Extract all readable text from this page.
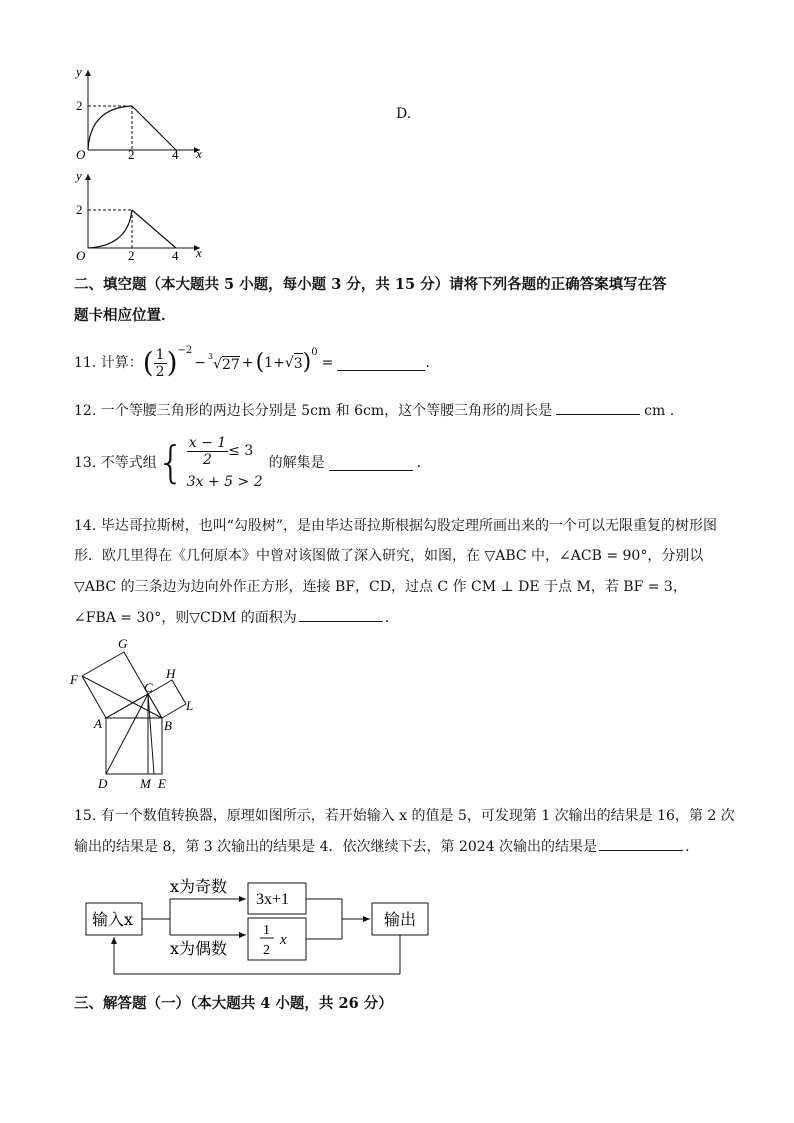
y
x
O
2
2	4
D.
y
x
O
2
2	4
二、填空题（本大题共 5 小题，每小题 3 分，共 15 分）请将下列各题的正确答案填写在答
题卡相应位置．
11. 计算： ( $\frac{1}{2}$ ) −2
− $^3$√27 + ( 1+ √ 3 ) 0
=	.
12. 一个等腰三角形的两边长分别是 5cm 和 6cm，这个等腰三角形的周长是	cm .
13. 不等式组 { $\frac{x - 1}{2} \le 3$
3x + 5 > 2
的解集是	.
14. 毕达哥拉斯树，也叫“勾股树”，是由毕达哥拉斯根据勾股定理所画出来的一个可以无限重复的树形图
形．欧几里得在《几何原本》中曾对该图做了深入研究，如图，在 ▽ABC 中，∠ACB = 90°，分别以
▽ABC 的三条边为边向外作正方形，连接 BF，CD，过点 C 作 CM ⊥ DE 于点 M，若 BF = 3，
∠FBA = 30°，则▽CDM 的面积为	.
G
H
F
C
L
A	B
D	M E
15. 有一个数值转换器，原理如图所示，若开始输入 x 的值是 5，可发现第 1 次输出的结果是 16，第 2 次
输出的结果是 8，第 3 次输出的结果是 4．依次继续下去，第 2024 次输出的结果是	.
输入x
x为奇数
x为偶数
3x+1
1
2
x
输出
三、解答题（一）（本大题共 4 小题，共 26 分）
